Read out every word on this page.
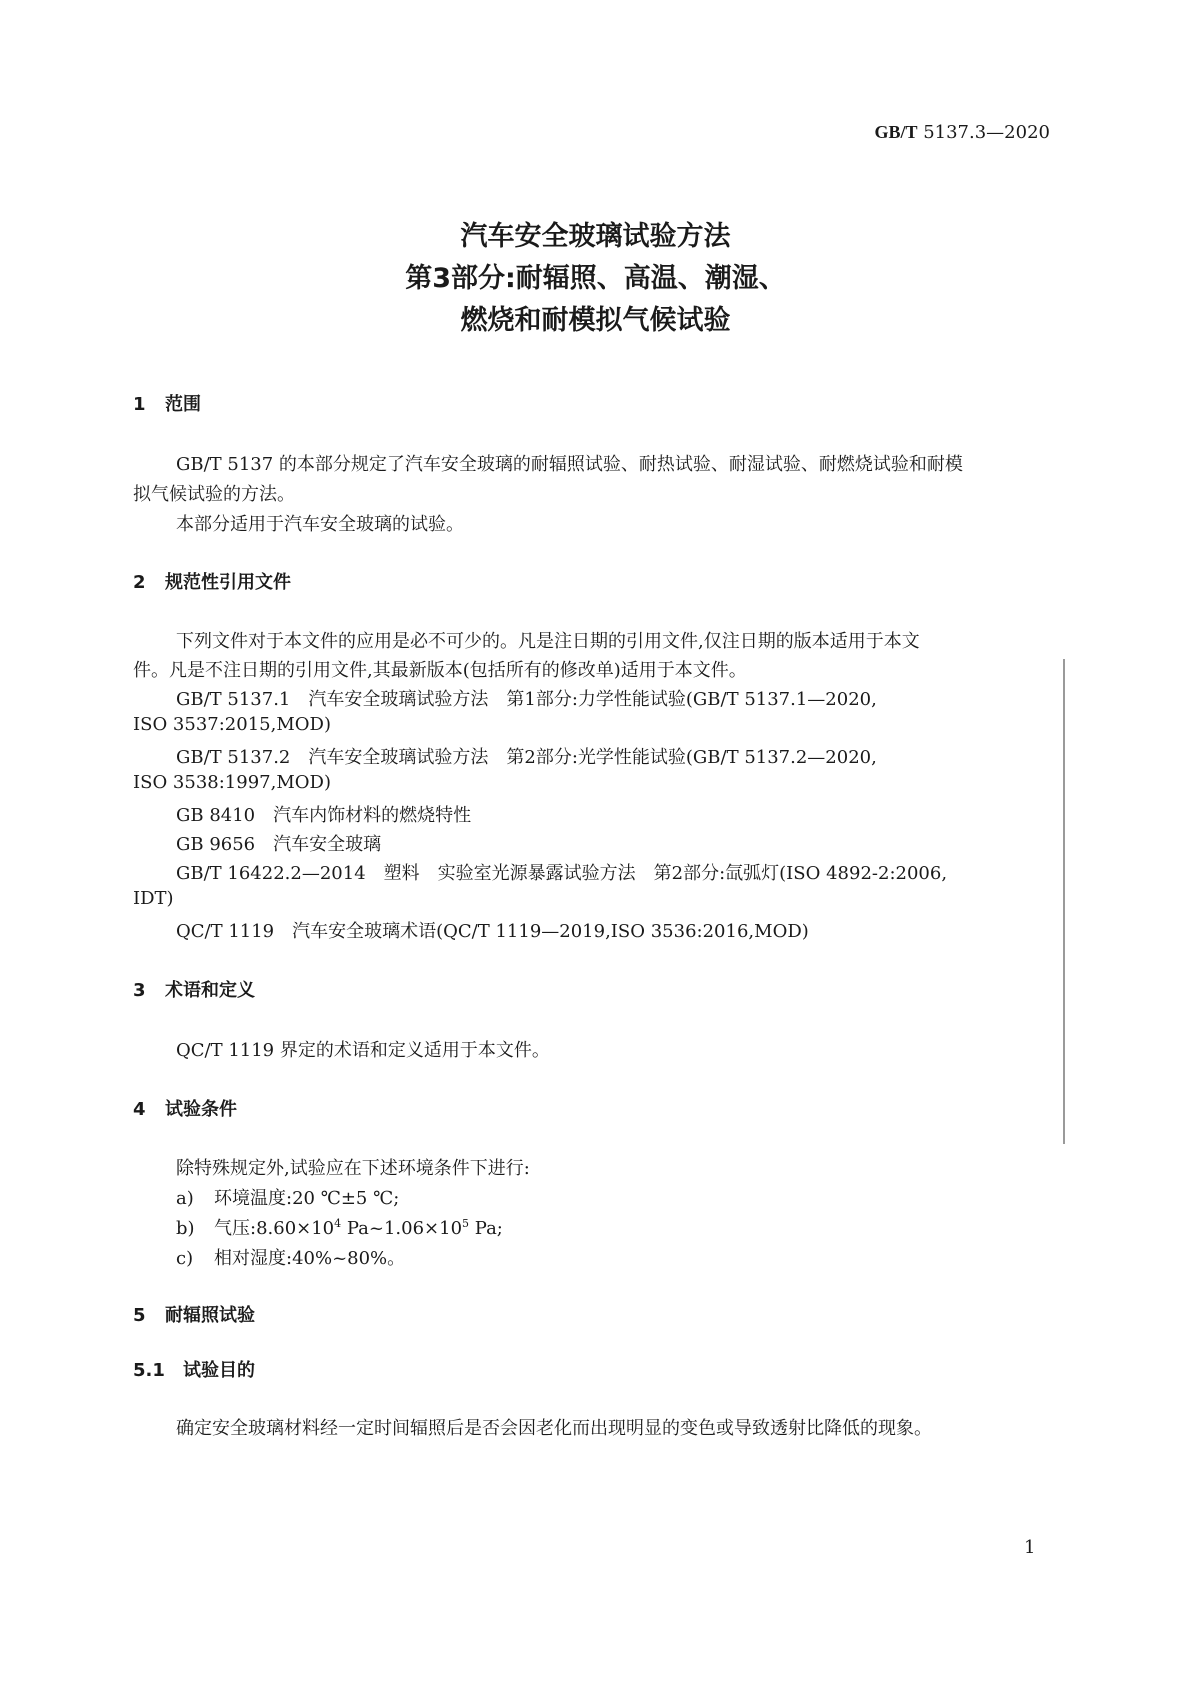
GB/T 5137.3—2020
汽车安全玻璃试验方法
第3部分:耐辐照、高温、潮湿、
燃烧和耐模拟气候试验
1 范围
GB/T 5137 的本部分规定了汽车安全玻璃的耐辐照试验、耐热试验、耐湿试验、耐燃烧试验和耐模
拟气候试验的方法。
本部分适用于汽车安全玻璃的试验。
2 规范性引用文件
下列文件对于本文件的应用是必不可少的。凡是注日期的引用文件,仅注日期的版本适用于本文
件。凡是不注日期的引用文件,其最新版本(包括所有的修改单)适用于本文件。
GB/T 5137.1　汽车安全玻璃试验方法　第1部分:力学性能试验(GB/T 5137.1—2020,
ISO 3537:2015,MOD)
GB/T 5137.2　汽车安全玻璃试验方法　第2部分:光学性能试验(GB/T 5137.2—2020,
ISO 3538:1997,MOD)
GB 8410　汽车内饰材料的燃烧特性
GB 9656　汽车安全玻璃
GB/T 16422.2—2014　塑料　实验室光源暴露试验方法　第2部分:氙弧灯(ISO 4892-2:2006,
IDT)
QC/T 1119　汽车安全玻璃术语(QC/T 1119—2019,ISO 3536:2016,MOD)
3 术语和定义
QC/T 1119 界定的术语和定义适用于本文件。
4 试验条件
除特殊规定外,试验应在下述环境条件下进行:
a) 环境温度:20 ℃±5 ℃;
b) 气压$:8.60\times 10^4$ $Pa\sim 1.06\times 10^5$ Pa;
c) 相对湿度:40%~80%。
5 耐辐照试验
5.1 试验目的
确定安全玻璃材料经一定时间辐照后是否会因老化而出现明显的变色或导致透射比降低的现象。
1
